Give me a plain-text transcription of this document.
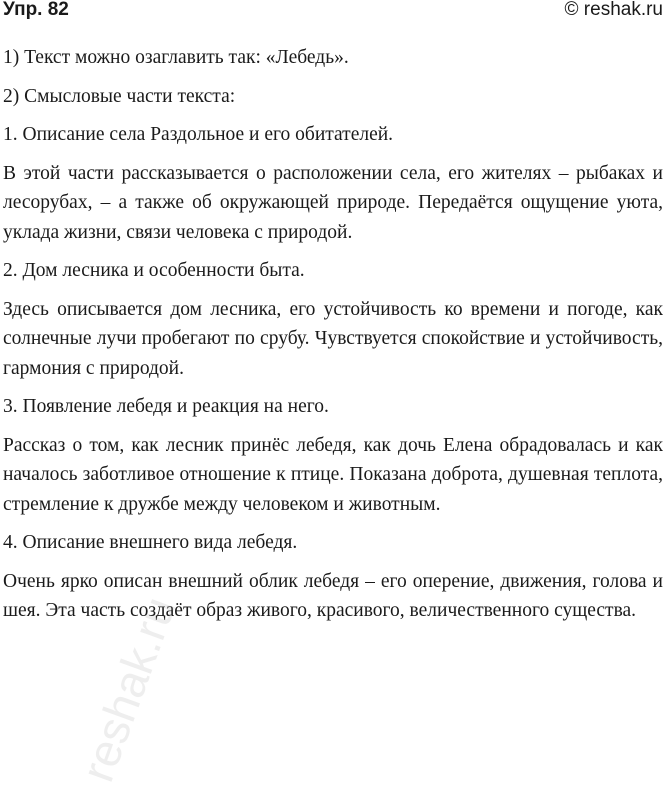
Упр. 82	© reshak.ru

1) Текст можно озаглавить так: «Лебедь».

2) Смысловые части текста:

1. Описание села Раздольное и его обитателей.

В этой части рассказывается о расположении села, его жителях – рыбаках и лесорубах, – а также об окружающей природе. Передаётся ощущение уюта, уклада жизни, связи человека с природой.

2. Дом лесника и особенности быта.

Здесь описывается дом лесника, его устойчивость ко времени и погоде, как солнечные лучи пробегают по срубу. Чувствуется спокойствие и устойчивость, гармония с природой.

3. Появление лебедя и реакция на него.

Рассказ о том, как лесник принёс лебедя, как дочь Елена обрадовалась и как началось заботливое отношение к птице. Показана доброта, душевная теплота, стремление к дружбе между человеком и животным.

4. Описание внешнего вида лебедя.

Очень ярко описан внешний облик лебедя – его оперение, движения, голова и шея. Эта часть создаёт образ живого, красивого, величественного существа.

reshak.ru
